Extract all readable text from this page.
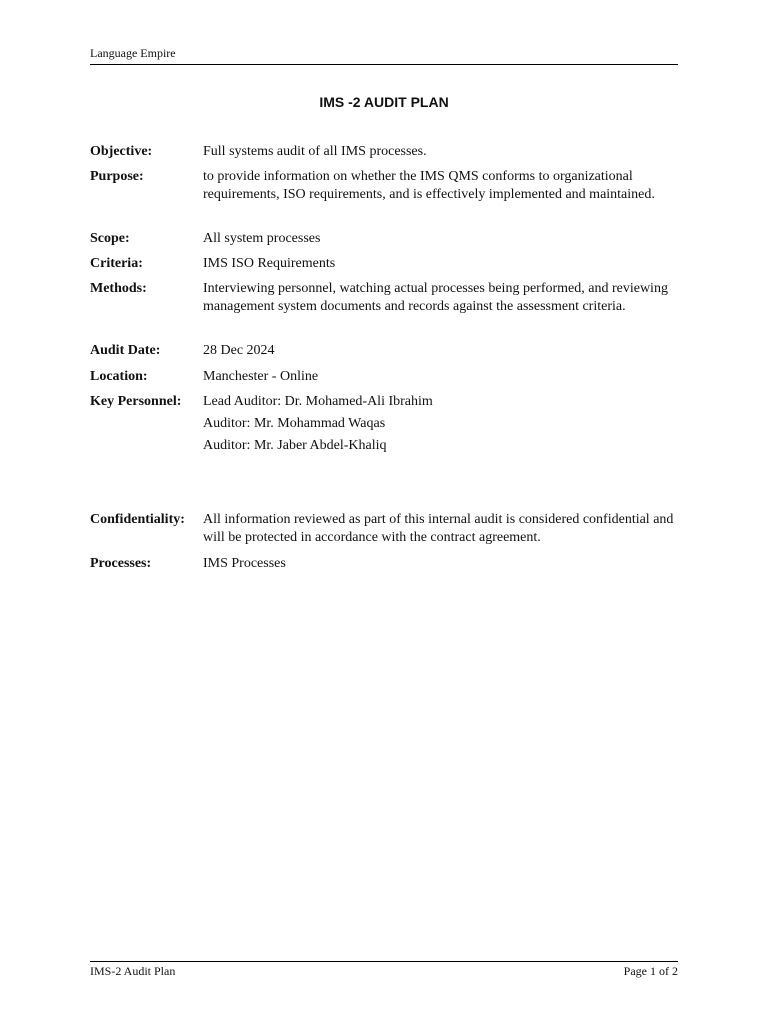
Language Empire
IMS -2 AUDIT PLAN
Objective:	Full systems audit of all IMS processes.
Purpose:	to provide information on whether the IMS QMS conforms to organizational requirements, ISO requirements, and is effectively implemented and maintained.
Scope:	All system processes
Criteria:	IMS ISO Requirements
Methods:	Interviewing personnel, watching actual processes being performed, and reviewing management system documents and records against the assessment criteria.
Audit Date:	28 Dec 2024
Location:	Manchester - Online
Key Personnel:	Lead Auditor: Dr. Mohamed-Ali Ibrahim
Auditor: Mr. Mohammad Waqas
Auditor: Mr. Jaber Abdel-Khaliq
Confidentiality:	All information reviewed as part of this internal audit is considered confidential and will be protected in accordance with the contract agreement.
Processes:	IMS Processes
IMS-2 Audit Plan	Page 1 of 2
